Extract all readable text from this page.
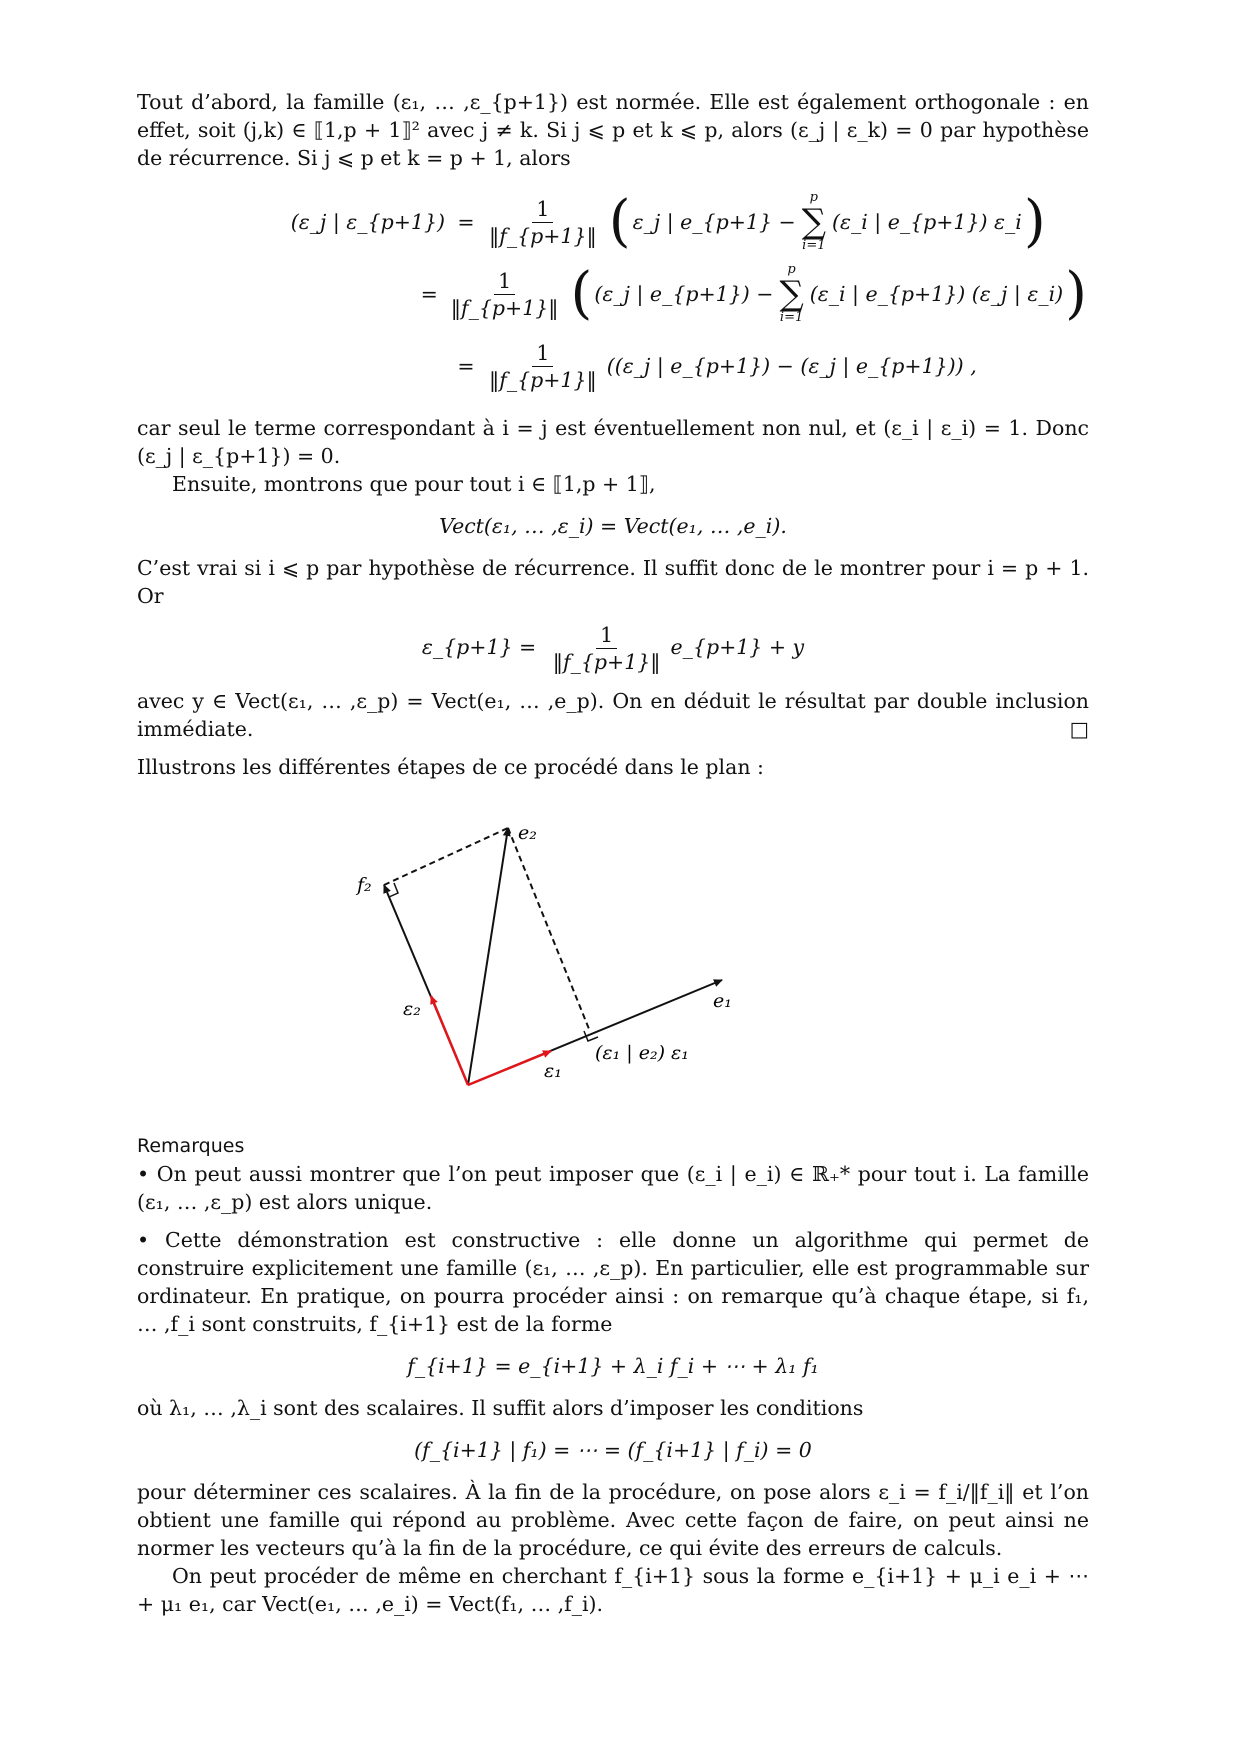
Tout d’abord, la famille (ε₁, … ,ε_{p+1}) est normée. Elle est également orthogonale : en effet, soit (j,k) ∈ ⟦1,p + 1⟧² avec j ≠ k. Si j ⩽ p et k ⩽ p, alors (ε_j | ε_k) = 0 par hypothèse de récurrence. Si j ⩽ p et k = p + 1, alors

(ε_j | ε_{p+1}) = $\frac{1}{‖f\_\{p+1\}‖}$ ( ε_j | e_{p+1} −
p
∑
i=1
(ε_i | e_{p+1}) ε_i )
= $\frac{1}{‖f\_\{p+1\}‖}$ ( (ε_j | e_{p+1}) −
p
∑
i=1
(ε_i | e_{p+1}) (ε_j | ε_i) )
= $\frac{1}{‖f\_\{p+1\}‖}$ ((ε_j | e_{p+1}) − (ε_j | e_{p+1})) ,

car seul le terme correspondant à i = j est éventuellement non nul, et (ε_i | ε_i) = 1. Donc (ε_j | ε_{p+1}) = 0.

Ensuite, montrons que pour tout i ∈ ⟦1,p + 1⟧,

Vect(ε₁, … ,ε_i) = Vect(e₁, … ,e_i).

C’est vrai si i ⩽ p par hypothèse de récurrence. Il suffit donc de le montrer pour i = p + 1. Or

ε_{p+1} = $\frac{1}{‖f\_\{p+1\}‖}$ e_{p+1} + y

avec y ∈ Vect(ε₁, … ,ε_p) = Vect(e₁, … ,e_p). On en déduit le résultat par double inclusion immédiate.	□

Illustrons les différentes étapes de ce procédé dans le plan :

e₂
f₂
ε₂	e₁
ε₁
(ε₁ | e₂) ε₁
Remarques

• On peut aussi montrer que l’on peut imposer que (ε_i | e_i) ∈ ℝ₊* pour tout i. La famille (ε₁, … ,ε_p) est alors unique.

• Cette démonstration est constructive : elle donne un algorithme qui permet de construire explicitement une famille (ε₁, … ,ε_p). En particulier, elle est programmable sur ordinateur. En pratique, on pourra procéder ainsi : on remarque qu’à chaque étape, si f₁, … ,f_i sont construits, f_{i+1} est de la forme

f_{i+1} = e_{i+1} + λ_i f_i + ⋯ + λ₁ f₁

où λ₁, … ,λ_i sont des scalaires. Il suffit alors d’imposer les conditions

(f_{i+1} | f₁) = ⋯ = (f_{i+1} | f_i) = 0

pour déterminer ces scalaires. À la fin de la procédure, on pose alors ε_i = f_i/‖f_i‖ et l’on obtient une famille qui répond au problème. Avec cette façon de faire, on peut ainsi ne normer les vecteurs qu’à la fin de la procédure, ce qui évite des erreurs de calculs.

On peut procéder de même en cherchant f_{i+1} sous la forme e_{i+1} + μ_i e_i + ⋯ + μ₁ e₁, car Vect(e₁, … ,e_i) = Vect(f₁, … ,f_i).
